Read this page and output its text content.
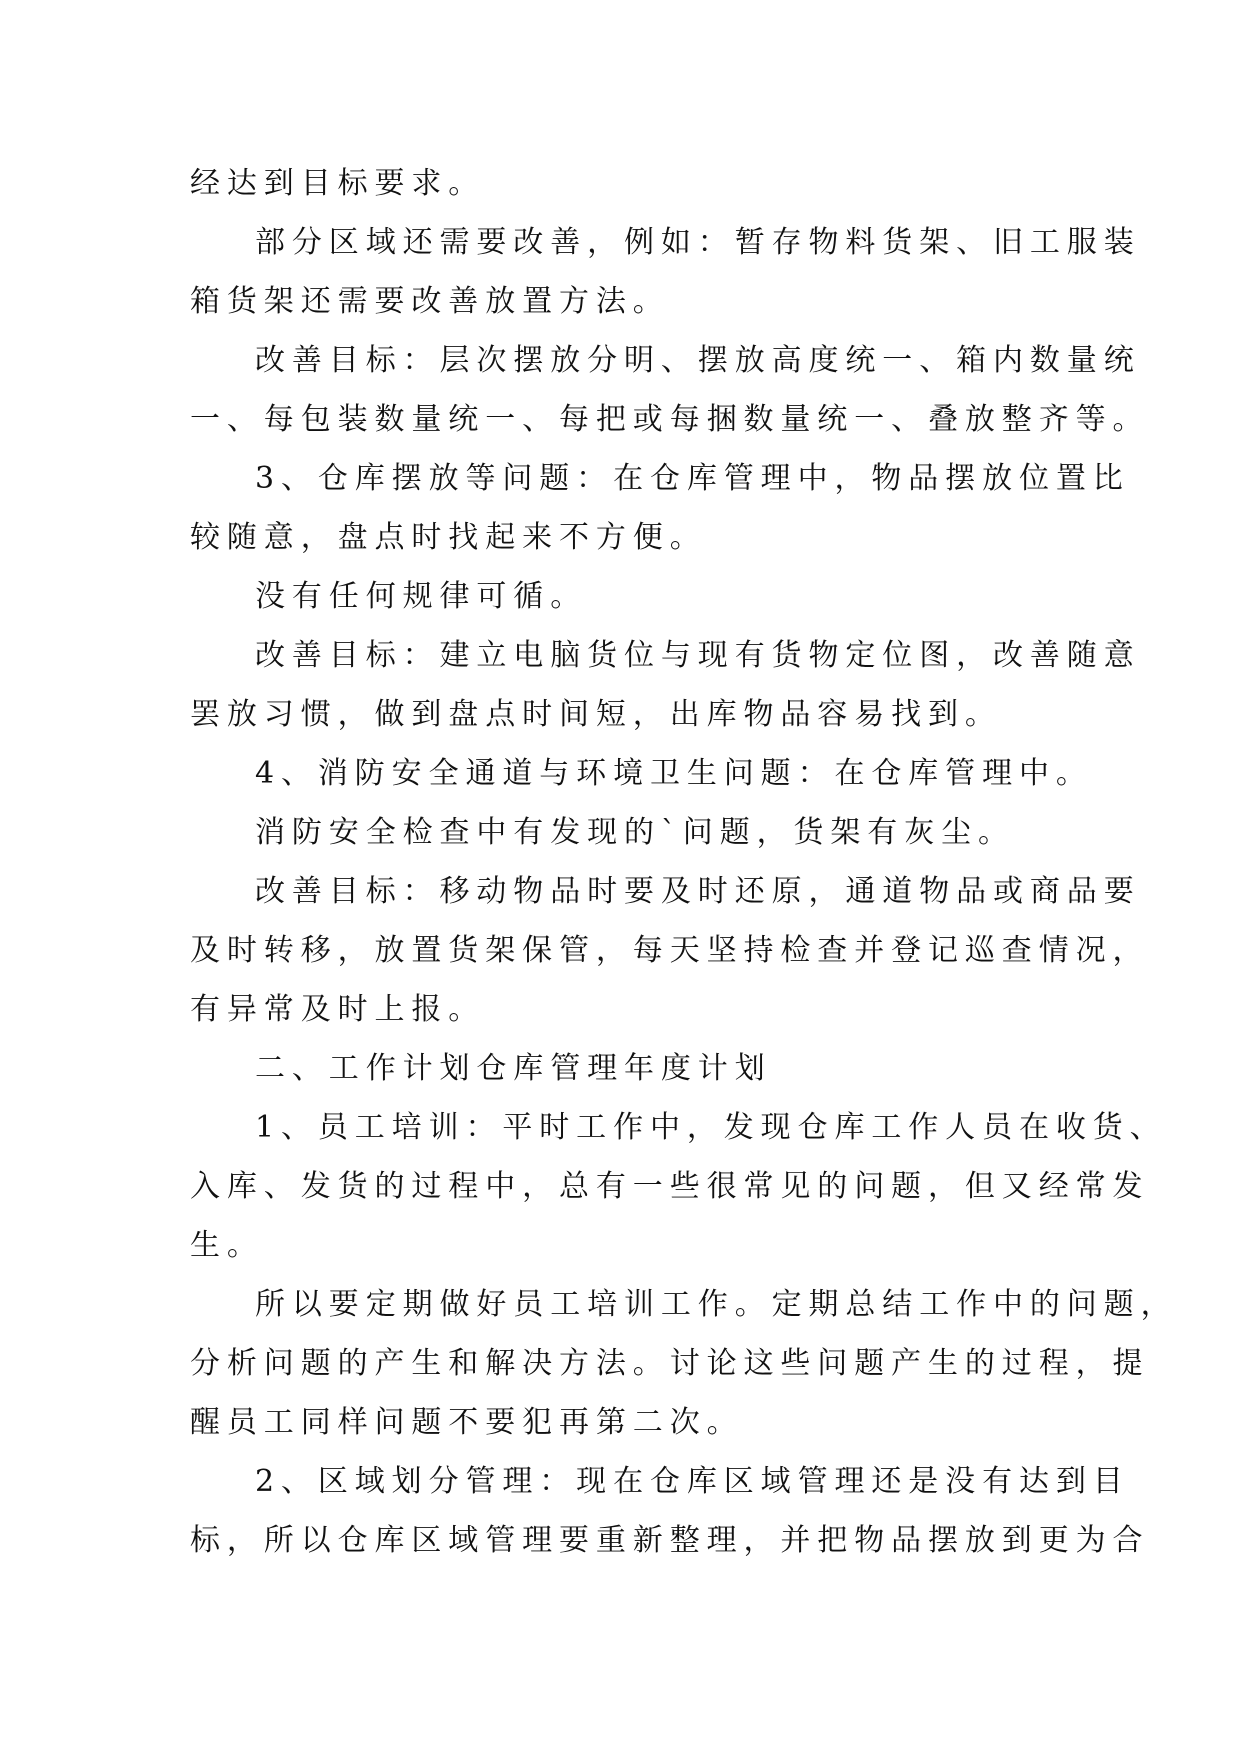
经达到目标要求。

部分区域还需要改善，例如：暂存物料货架、旧工服装

箱货架还需要改善放置方法。

改善目标：层次摆放分明、摆放高度统一、箱内数量统

一、每包装数量统一、每把或每捆数量统一、叠放整齐等。

3、仓库摆放等问题：在仓库管理中，物品摆放位置比

较随意，盘点时找起来不方便。

没有任何规律可循。

改善目标：建立电脑货位与现有货物定位图，改善随意

罢放习惯，做到盘点时间短，出库物品容易找到。

4、消防安全通道与环境卫生问题：在仓库管理中。

消防安全检查中有发现的`问题，货架有灰尘。

改善目标：移动物品时要及时还原，通道物品或商品要

及时转移，放置货架保管，每天坚持检查并登记巡查情况，

有异常及时上报。

二、工作计划仓库管理年度计划

1、员工培训：平时工作中，发现仓库工作人员在收货、

入库、发货的过程中，总有一些很常见的问题，但又经常发

生。

所以要定期做好员工培训工作。定期总结工作中的问题，

分析问题的产生和解决方法。讨论这些问题产生的过程，提

醒员工同样问题不要犯再第二次。

2、区域划分管理：现在仓库区域管理还是没有达到目

标，所以仓库区域管理要重新整理，并把物品摆放到更为合
